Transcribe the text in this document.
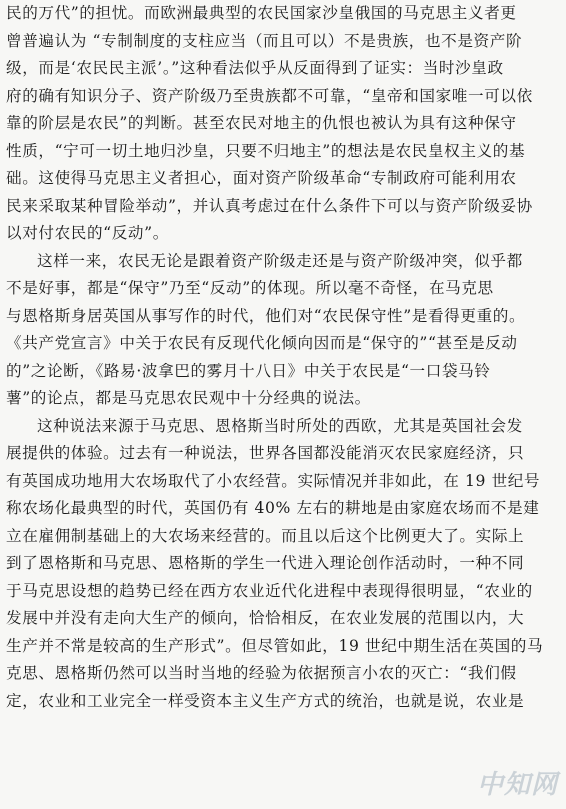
民的万代”的担忧。而欧洲最典型的农民国家沙皇俄国的马克思主义者更
曾普遍认为 “专制制度的支柱应当（而且可以）不是贵族，也不是资产阶
级，而是‘农民民主派’。”这种看法似乎从反面得到了证实：当时沙皇政
府的确有知识分子、资产阶级乃至贵族都不可靠，“皇帝和国家唯一可以依
靠的阶层是农民”的判断。甚至农民对地主的仇恨也被认为具有这种保守
性质，“宁可一切土地归沙皇，只要不归地主”的想法是农民皇权主义的基
础。这使得马克思主义者担心，面对资产阶级革命“专制政府可能利用农
民来采取某种冒险举动”，并认真考虑过在什么条件下可以与资产阶级妥协
以对付农民的“反动”。
这样一来，农民无论是跟着资产阶级走还是与资产阶级冲突，似乎都
不是好事，都是“保守”乃至“反动”的体现。所以毫不奇怪，在马克思
与恩格斯身居英国从事写作的时代，他们对“农民保守性”是看得更重的。
《共产党宣言》中关于农民有反现代化倾向因而是“保守的”“甚至是反动
的”之论断，《路易·波拿巴的雾月十八日》中关于农民是“一口袋马铃
薯”的论点，都是马克思农民观中十分经典的说法。
这种说法来源于马克思、恩格斯当时所处的西欧，尤其是英国社会发
展提供的体验。过去有一种说法，世界各国都没能消灭农民家庭经济，只
有英国成功地用大农场取代了小农经营。实际情况并非如此，在 19 世纪号
称农场化最典型的时代，英国仍有 40% 左右的耕地是由家庭农场而不是建
立在雇佣制基础上的大农场来经营的。而且以后这个比例更大了。实际上
到了恩格斯和马克思、恩格斯的学生一代进入理论创作活动时，一种不同
于马克思设想的趋势已经在西方农业近代化进程中表现得很明显，“农业的
发展中并没有走向大生产的倾向，恰恰相反，在农业发展的范围以内，大
生产并不常是较高的生产形式”。但尽管如此，19 世纪中期生活在英国的马
克思、恩格斯仍然可以当时当地的经验为依据预言小农的灭亡：“我们假
定，农业和工业完全一样受资本主义生产方式的统治，也就是说，农业是
中知网
